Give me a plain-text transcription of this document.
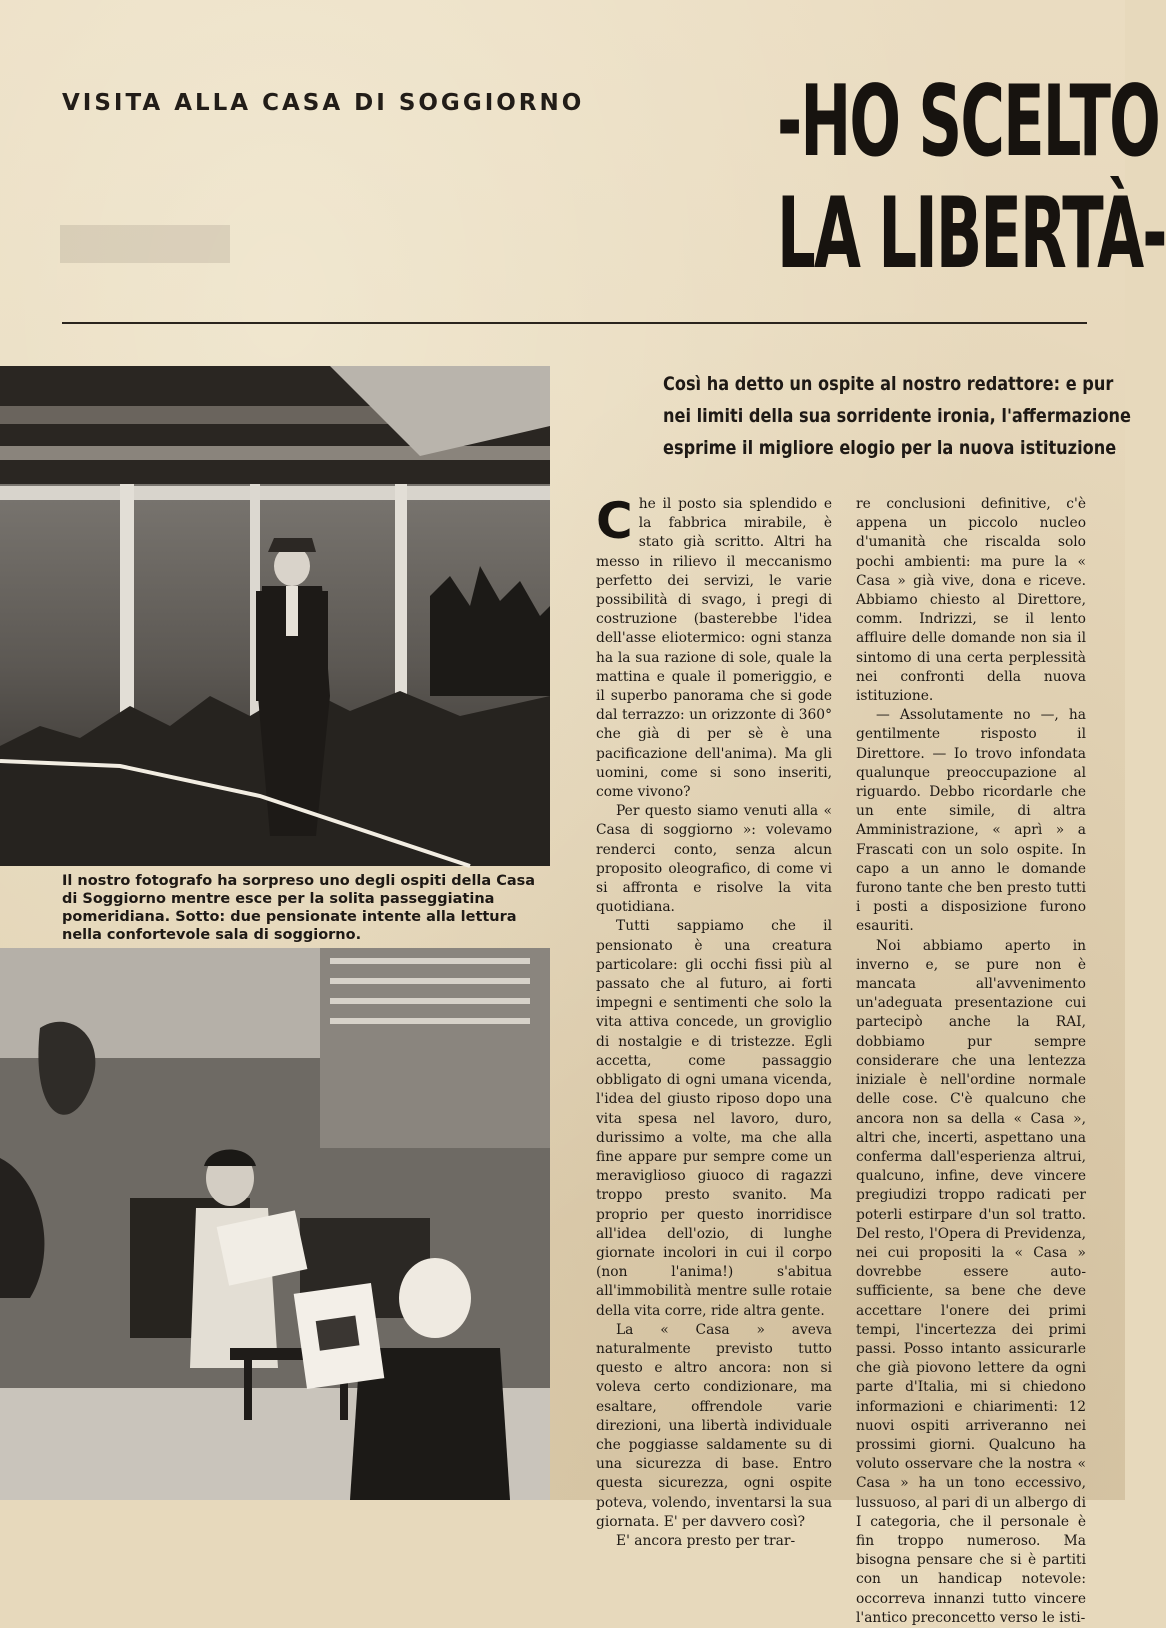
VISITA ALLA CASA DI SOGGIORNO -HO SCELTO
LA LIBERTÀ-
Il nostro fotografo ha sorpreso uno degli ospiti della Casa di Soggiorno mentre esce per la solita passeggiatina pomeridiana. Sotto: due pensionate intente alla lettura nella confortevole sala di soggiorno.
Così ha detto un ospite al nostro redattore: e pur
nei limiti della sua sorridente ironia, l'affermazione
esprime il migliore elogio per la nuova istituzione

Che il posto sia splendido e la fabbrica mirabile, è stato già scritto. Altri ha messo in rilievo il meccanismo perfetto dei servizi, le varie possibilità di svago, i pregi di costruzione (basterebbe l'idea dell'asse eliotermico: ogni stanza ha la sua razione di sole, quale la mattina e quale il pomeriggio, e il superbo panorama che si gode dal terrazzo: un orizzonte di 360° che già di per sè è una pacificazione dell'anima). Ma gli uomini, come si sono inseriti, come vivono?

Per questo siamo venuti alla « Casa di soggiorno »: volevamo renderci conto, senza alcun proposito oleografico, di come vi si affronta e risolve la vita quotidiana.

Tutti sappiamo che il pensionato è una creatura particolare: gli occhi fissi più al passato che al futuro, ai forti impegni e sentimenti che solo la vita attiva concede, un groviglio di nostalgie e di tristezze. Egli accetta, come passaggio obbligato di ogni umana vicenda, l'idea del giusto riposo dopo una vita spesa nel lavoro, duro, durissimo a volte, ma che alla fine appare pur sempre come un meraviglioso giuoco di ragazzi troppo presto svanito. Ma proprio per questo inorridisce all'idea dell'ozio, di lunghe giornate incolori in cui il corpo (non l'anima!) s'abitua all'immobilità mentre sulle rotaie della vita corre, ride altra gente.

La « Casa » aveva naturalmente previsto tutto questo e altro ancora: non si voleva certo condizionare, ma esaltare, offrendole varie direzioni, una libertà individuale che poggiasse saldamente su di una sicurezza di base. Entro questa sicurezza, ogni ospite poteva, volendo, inventarsi la sua giornata. E' per davvero così?

E' ancora presto per trar-

re conclusioni definitive, c'è appena un piccolo nucleo d'umanità che riscalda solo pochi ambienti: ma pure la « Casa » già vive, dona e riceve. Abbiamo chiesto al Direttore, comm. Indrizzi, se il lento affluire delle domande non sia il sintomo di una certa perplessità nei confronti della nuova istituzione.

— Assolutamente no —, ha gentilmente risposto il Direttore. — Io trovo infondata qualunque preoccupazione al riguardo. Debbo ricordarle che un ente simile, di altra Amministrazione, « aprì » a Frascati con un solo ospite. In capo a un anno le domande furono tante che ben presto tutti i posti a disposizione furono esauriti.

Noi abbiamo aperto in inverno e, se pure non è mancata all'avvenimento un'adeguata presentazione cui partecipò anche la RAI, dobbiamo pur sempre considerare che una lentezza iniziale è nell'ordine normale delle cose. C'è qualcuno che ancora non sa della « Casa », altri che, incerti, aspettano una conferma dall'esperienza altrui, qualcuno, infine, deve vincere pregiudizi troppo radicati per poterli estirpare d'un sol tratto. Del resto, l'Opera di Previdenza, nei cui propositi la « Casa » dovrebbe essere auto-sufficiente, sa bene che deve accettare l'onere dei primi tempi, l'incertezza dei primi passi. Posso intanto assicurarle che già piovono lettere da ogni parte d'Italia, mi si chiedono informazioni e chiarimenti: 12 nuovi ospiti arriveranno nei prossimi giorni. Qualcuno ha voluto osservare che la nostra « Casa » ha un tono eccessivo, lussuoso, al pari di un albergo di I categoria, che il personale è fin troppo numeroso. Ma bisogna pensare che si è partiti con un handicap notevole: occorreva innanzi tutto vincere l'antico preconcetto verso le isti-
